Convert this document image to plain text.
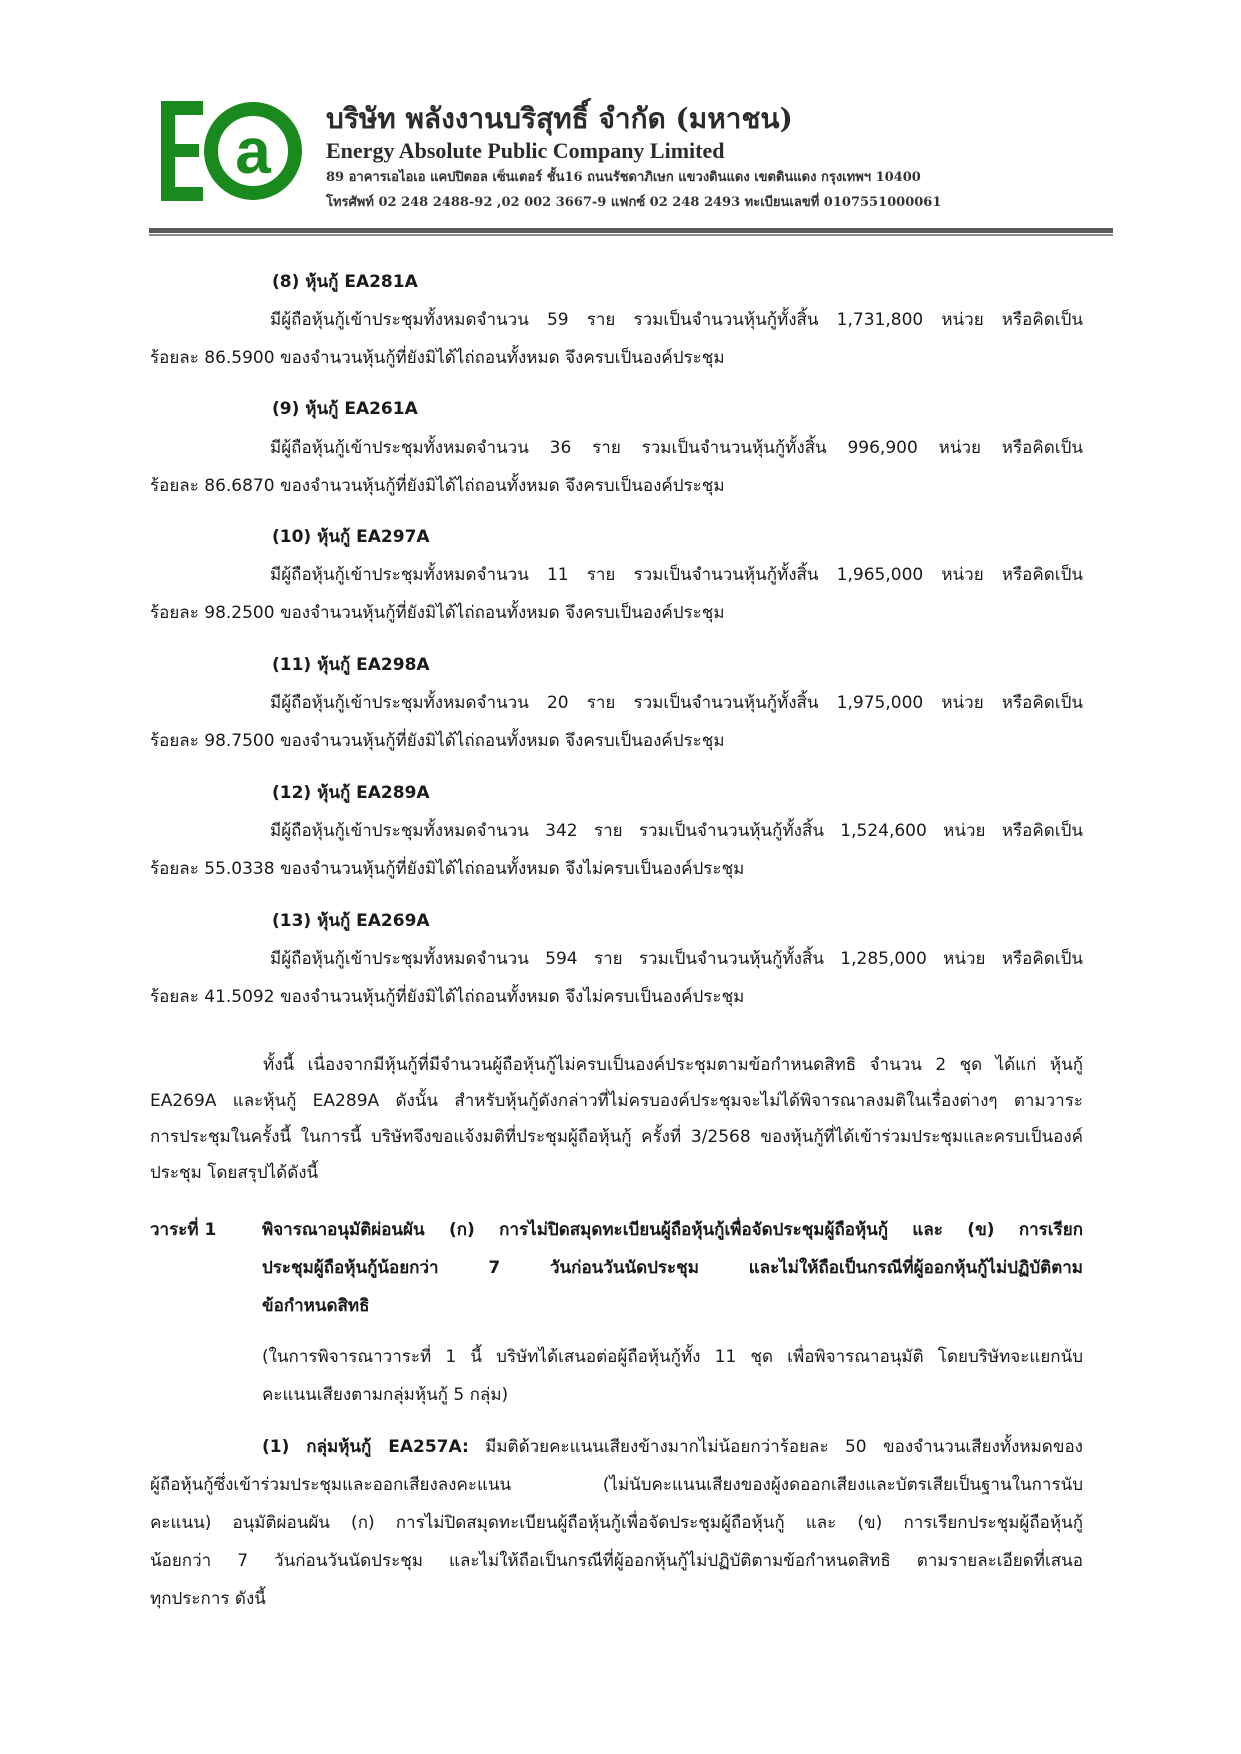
a บริษัท พลังงานบริสุทธิ์ จำกัด (มหาชน)
Energy Absolute Public Company Limited
89 อาคารเอไอเอ แคปปิตอล เซ็นเตอร์ ชั้น16 ถนนรัชดาภิเษก แขวงดินแดง เขตดินแดง กรุงเทพฯ 10400
โทรศัพท์ 02 248 2488-92 ,02 002 3667-9 แฟกซ์ 02 248 2493 ทะเบียนเลขที่ 0107551000061
(8) หุ้นกู้ EA281A
มีผู้ถือหุ้นกู้เข้าประชุมทั้งหมดจำนวน 59 ราย รวมเป็นจำนวนหุ้นกู้ทั้งสิ้น 1,731,800 หน่วย หรือคิดเป็น
ร้อยละ 86.5900 ของจำนวนหุ้นกู้ที่ยังมิได้ไถ่ถอนทั้งหมด จึงครบเป็นองค์ประชุม
(9) หุ้นกู้ EA261A
มีผู้ถือหุ้นกู้เข้าประชุมทั้งหมดจำนวน 36 ราย รวมเป็นจำนวนหุ้นกู้ทั้งสิ้น 996,900 หน่วย หรือคิดเป็น
ร้อยละ 86.6870 ของจำนวนหุ้นกู้ที่ยังมิได้ไถ่ถอนทั้งหมด จึงครบเป็นองค์ประชุม
(10) หุ้นกู้ EA297A
มีผู้ถือหุ้นกู้เข้าประชุมทั้งหมดจำนวน 11 ราย รวมเป็นจำนวนหุ้นกู้ทั้งสิ้น 1,965,000 หน่วย หรือคิดเป็น
ร้อยละ 98.2500 ของจำนวนหุ้นกู้ที่ยังมิได้ไถ่ถอนทั้งหมด จึงครบเป็นองค์ประชุม
(11) หุ้นกู้ EA298A
มีผู้ถือหุ้นกู้เข้าประชุมทั้งหมดจำนวน 20 ราย รวมเป็นจำนวนหุ้นกู้ทั้งสิ้น 1,975,000 หน่วย หรือคิดเป็น
ร้อยละ 98.7500 ของจำนวนหุ้นกู้ที่ยังมิได้ไถ่ถอนทั้งหมด จึงครบเป็นองค์ประชุม
(12) หุ้นกู้ EA289A
มีผู้ถือหุ้นกู้เข้าประชุมทั้งหมดจำนวน 342 ราย รวมเป็นจำนวนหุ้นกู้ทั้งสิ้น 1,524,600 หน่วย หรือคิดเป็น
ร้อยละ 55.0338 ของจำนวนหุ้นกู้ที่ยังมิได้ไถ่ถอนทั้งหมด จึงไม่ครบเป็นองค์ประชุม
(13) หุ้นกู้ EA269A
มีผู้ถือหุ้นกู้เข้าประชุมทั้งหมดจำนวน 594 ราย รวมเป็นจำนวนหุ้นกู้ทั้งสิ้น 1,285,000 หน่วย หรือคิดเป็น
ร้อยละ 41.5092 ของจำนวนหุ้นกู้ที่ยังมิได้ไถ่ถอนทั้งหมด จึงไม่ครบเป็นองค์ประชุม
ทั้งนี้ เนื่องจากมีหุ้นกู้ที่มีจำนวนผู้ถือหุ้นกู้ไม่ครบเป็นองค์ประชุมตามข้อกำหนดสิทธิ จำนวน 2 ชุด ได้แก่ หุ้นกู้
EA269A และหุ้นกู้ EA289A ดังนั้น สำหรับหุ้นกู้ดังกล่าวที่ไม่ครบองค์ประชุมจะไม่ได้พิจารณาลงมติในเรื่องต่างๆ ตามวาระ
การประชุมในครั้งนี้ ในการนี้ บริษัทจึงขอแจ้งมติที่ประชุมผู้ถือหุ้นกู้ ครั้งที่ 3/2568 ของหุ้นกู้ที่ได้เข้าร่วมประชุมและครบเป็นองค์
ประชุม โดยสรุปได้ดังนี้
วาระที่ 1	พิจารณาอนุมัติผ่อนผัน (ก) การไม่ปิดสมุดทะเบียนผู้ถือหุ้นกู้เพื่อจัดประชุมผู้ถือหุ้นกู้ และ (ข) การเรียก
ประชุมผู้ถือหุ้นกู้น้อยกว่า 7 วันก่อนวันนัดประชุม และไม่ให้ถือเป็นกรณีที่ผู้ออกหุ้นกู้ไม่ปฏิบัติตาม
ข้อกำหนดสิทธิ
(ในการพิจารณาวาระที่ 1 นี้ บริษัทได้เสนอต่อผู้ถือหุ้นกู้ทั้ง 11 ชุด เพื่อพิจารณาอนุมัติ โดยบริษัทจะแยกนับ
คะแนนเสียงตามกลุ่มหุ้นกู้ 5 กลุ่ม)
(1) กลุ่มหุ้นกู้ EA257A: มีมติด้วยคะแนนเสียงข้างมากไม่น้อยกว่าร้อยละ 50 ของจำนวนเสียงทั้งหมดของ
ผู้ถือหุ้นกู้ซึ่งเข้าร่วมประชุมและออกเสียงลงคะแนน (ไม่นับคะแนนเสียงของผู้งดออกเสียงและบัตรเสียเป็นฐานในการนับ
คะแนน) อนุมัติผ่อนผัน (ก) การไม่ปิดสมุดทะเบียนผู้ถือหุ้นกู้เพื่อจัดประชุมผู้ถือหุ้นกู้ และ (ข) การเรียกประชุมผู้ถือหุ้นกู้
น้อยกว่า 7 วันก่อนวันนัดประชุม และไม่ให้ถือเป็นกรณีที่ผู้ออกหุ้นกู้ไม่ปฏิบัติตามข้อกำหนดสิทธิ ตามรายละเอียดที่เสนอ
ทุกประการ ดังนี้
